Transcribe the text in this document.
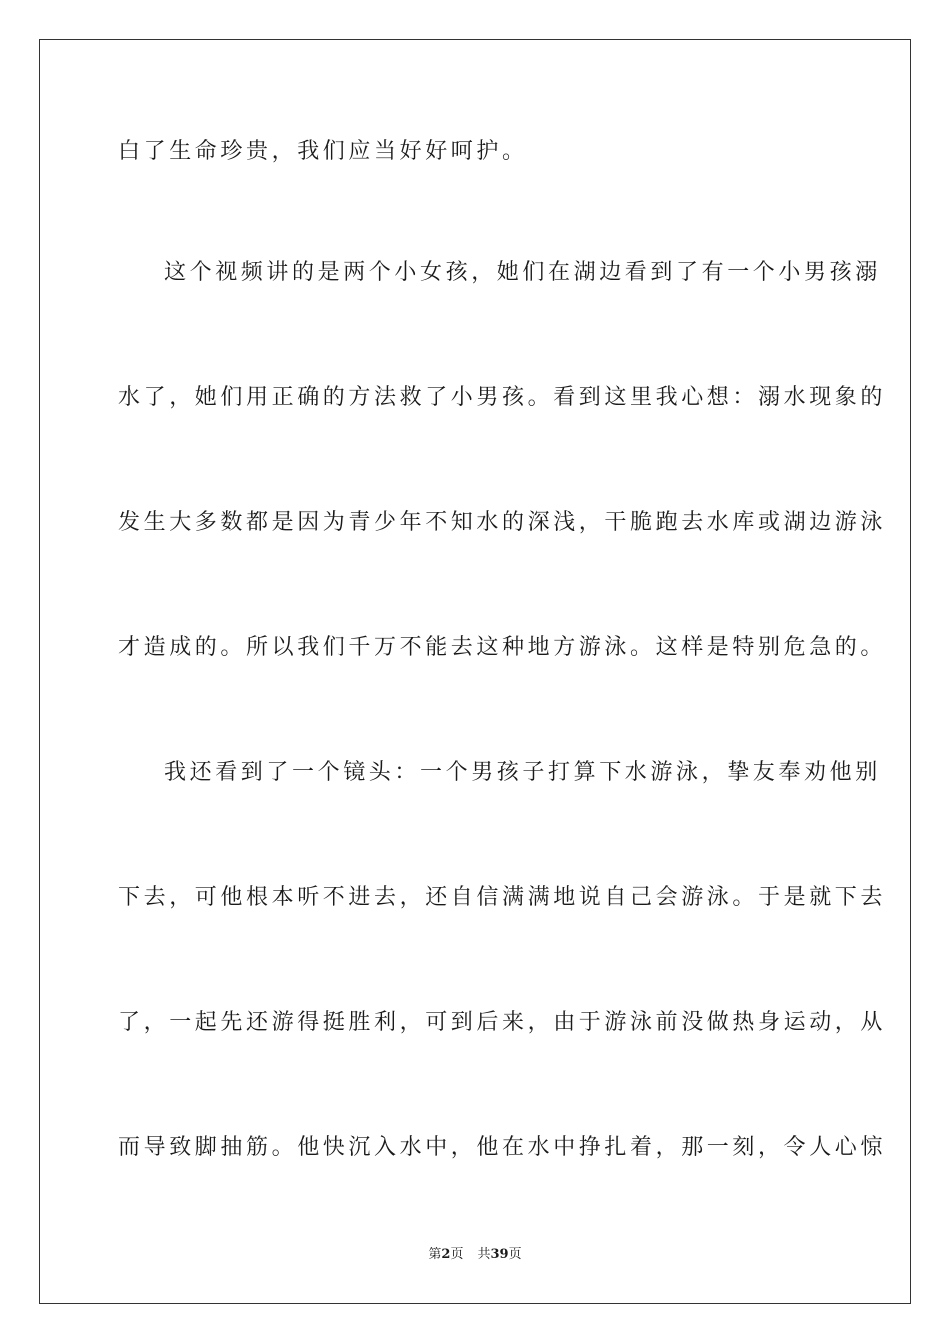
白了生命珍贵，我们应当好好呵护。

这个视频讲的是两个小女孩，她们在湖边看到了有一个小男孩溺

水了，她们用正确的方法救了小男孩。看到这里我心想：溺水现象的

发生大多数都是因为青少年不知水的深浅，干脆跑去水库或湖边游泳

才造成的。所以我们千万不能去这种地方游泳。这样是特别危急的。

我还看到了一个镜头：一个男孩子打算下水游泳，挚友奉劝他别

下去，可他根本听不进去，还自信满满地说自己会游泳。于是就下去

了，一起先还游得挺胜利，可到后来，由于游泳前没做热身运动，从

而导致脚抽筋。他快沉入水中，他在水中挣扎着，那一刻，令人心惊

第2页 共39页
